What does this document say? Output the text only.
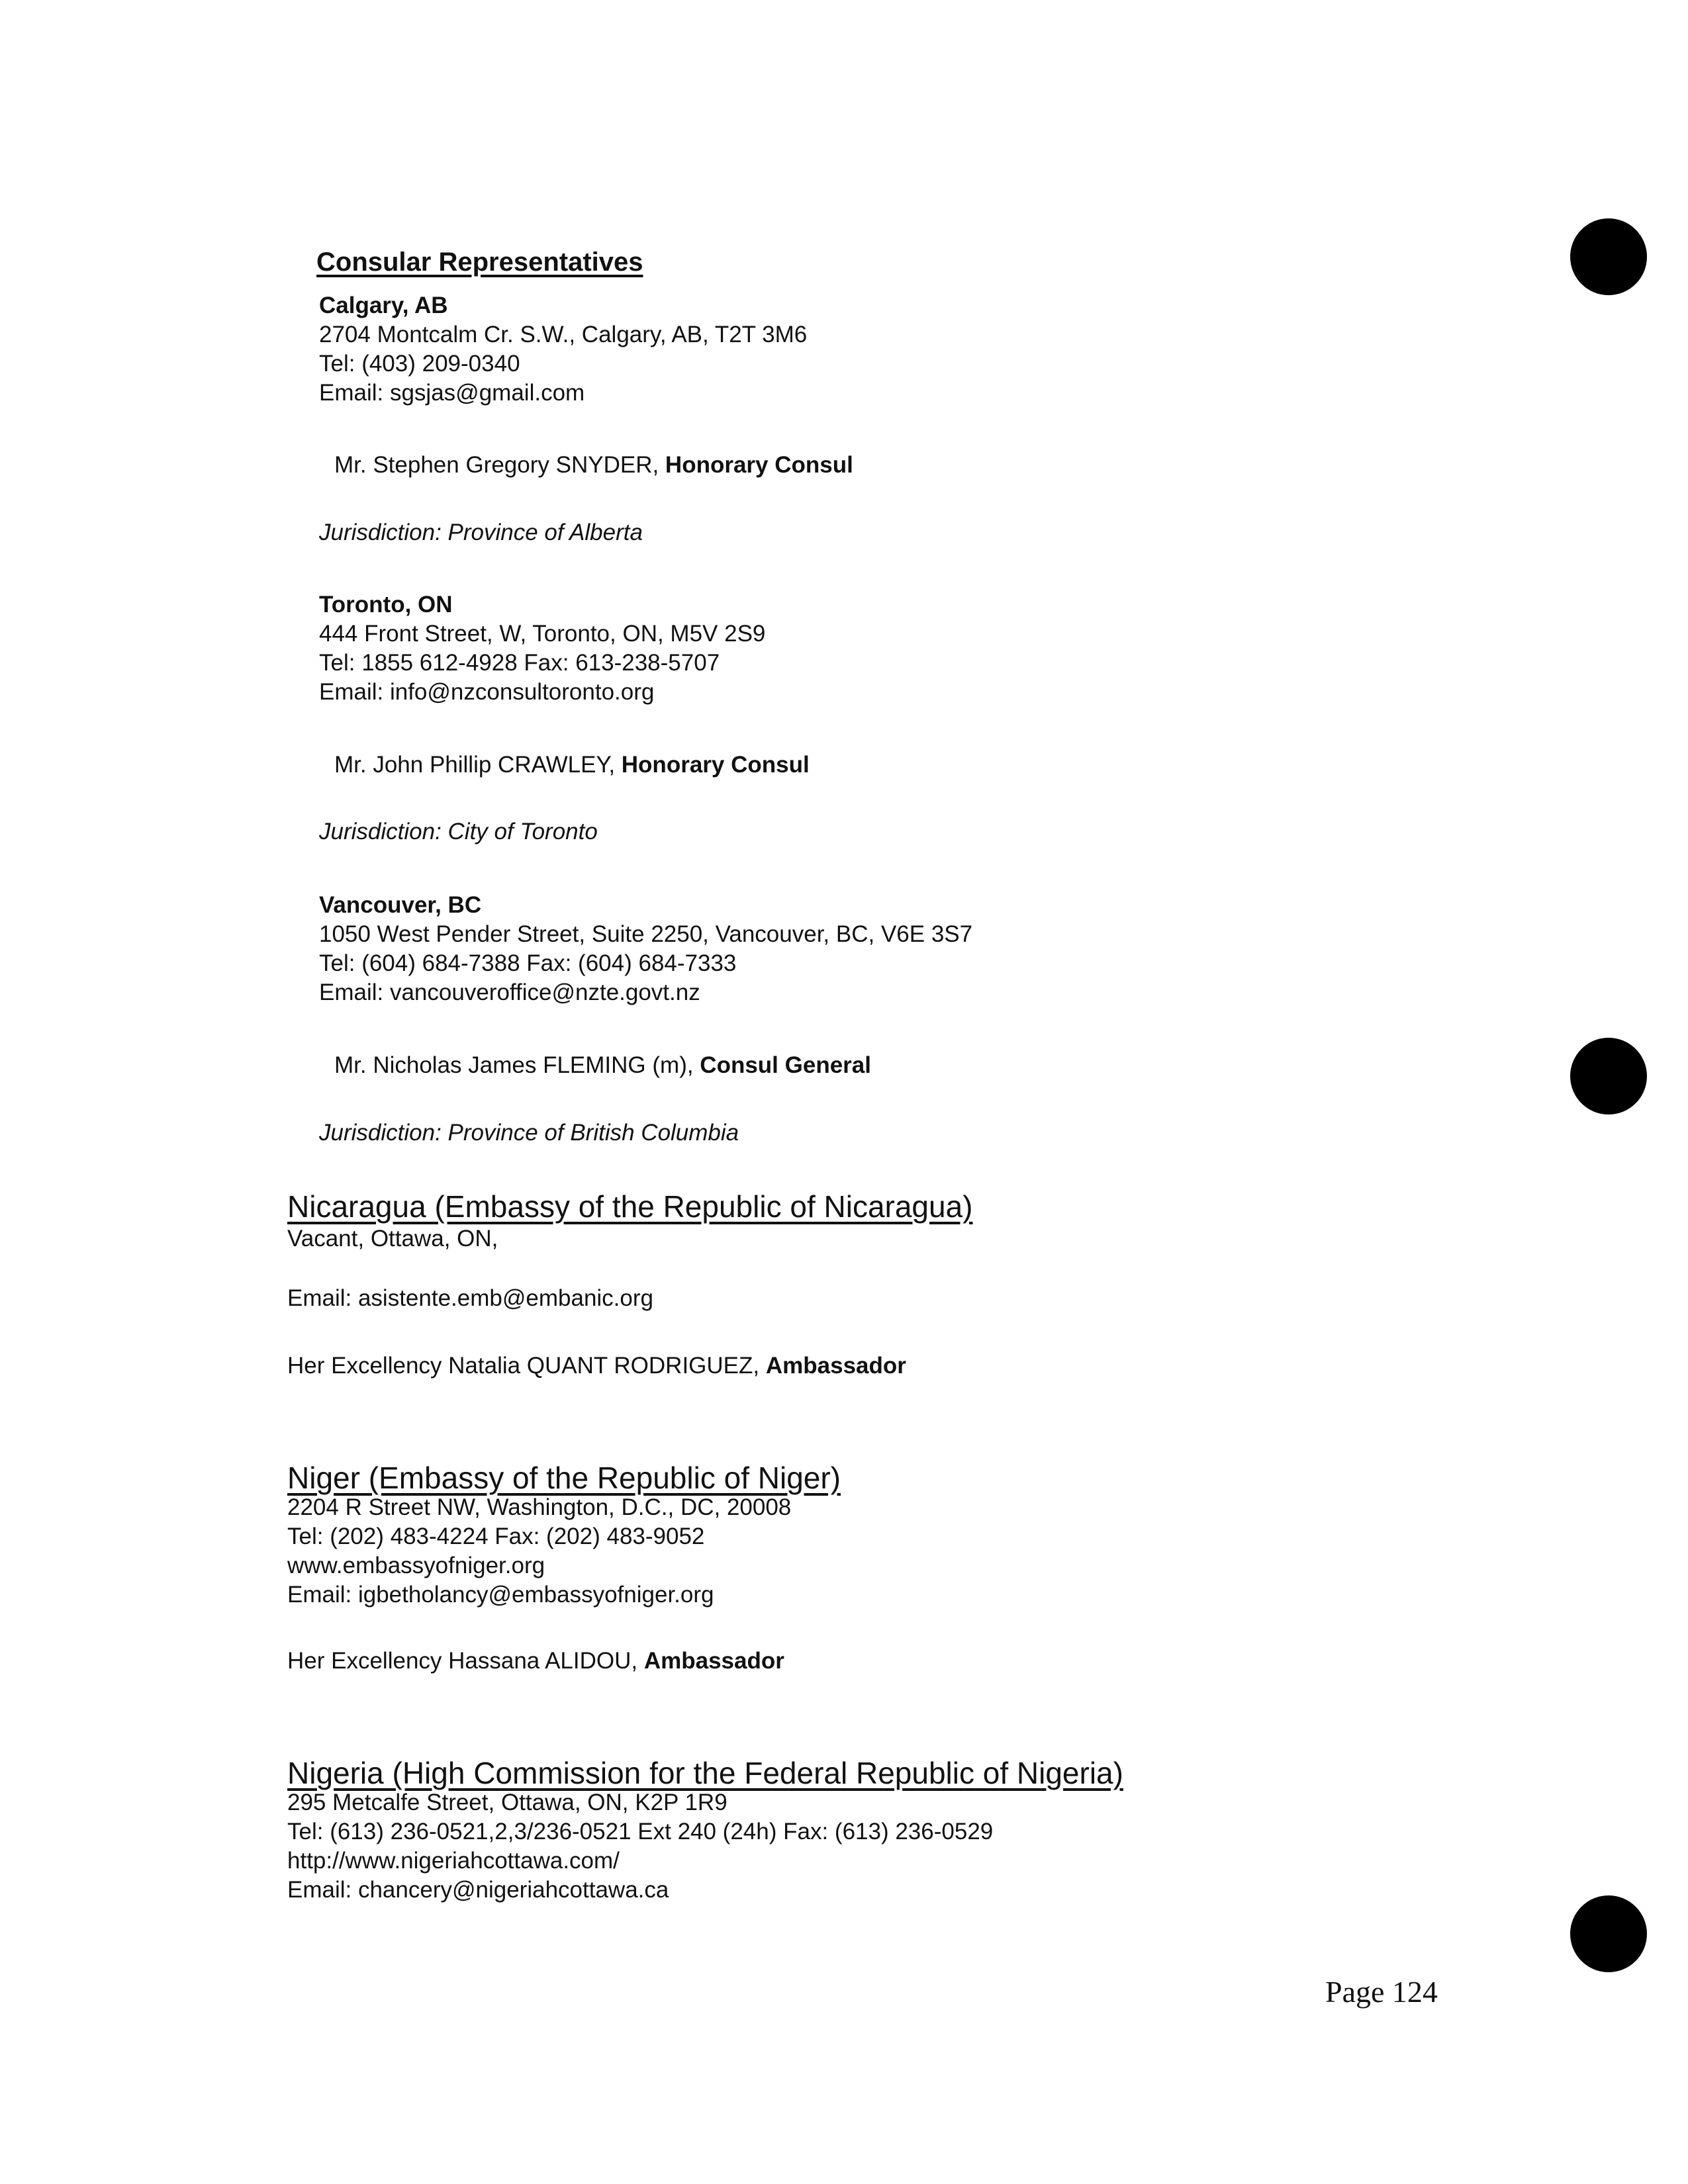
Consular Representatives
Calgary, AB
2704 Montcalm Cr. S.W., Calgary, AB, T2T 3M6
Tel: (403) 209-0340
Email: sgsjas@gmail.com
Mr. Stephen Gregory SNYDER, Honorary Consul
Jurisdiction: Province of Alberta
Toronto, ON
444 Front Street, W, Toronto, ON, M5V 2S9
Tel: 1855 612-4928 Fax: 613-238-5707
Email: info@nzconsultoronto.org
Mr. John Phillip CRAWLEY, Honorary Consul
Jurisdiction: City of Toronto
Vancouver, BC
1050 West Pender Street, Suite 2250, Vancouver, BC, V6E 3S7
Tel: (604) 684-7388 Fax: (604) 684-7333
Email: vancouveroffice@nzte.govt.nz
Mr. Nicholas James FLEMING (m), Consul General
Jurisdiction: Province of British Columbia
Nicaragua (Embassy of the Republic of Nicaragua)
Vacant, Ottawa, ON,
Email: asistente.emb@embanic.org
Her Excellency Natalia QUANT RODRIGUEZ, Ambassador
Niger (Embassy of the Republic of Niger)
2204 R Street NW, Washington, D.C., DC, 20008
Tel: (202) 483-4224 Fax: (202) 483-9052
www.embassyofniger.org
Email: igbetholancy@embassyofniger.org
Her Excellency Hassana ALIDOU, Ambassador
Nigeria (High Commission for the Federal Republic of Nigeria)
295 Metcalfe Street, Ottawa, ON, K2P 1R9
Tel: (613) 236-0521,2,3/236-0521 Ext 240 (24h) Fax: (613) 236-0529
http://www.nigeriahcottawa.com/
Email: chancery@nigeriahcottawa.ca
Page 124
